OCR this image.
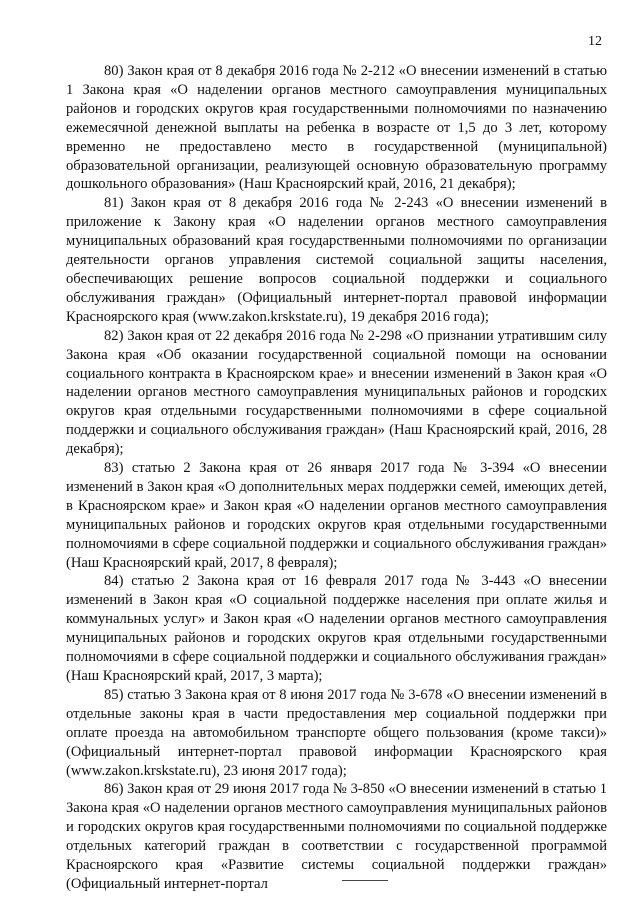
12

80) Закон края от 8 декабря 2016 года № 2-212 «О внесении изменений в статью 1 Закона края «О наделении органов местного самоуправления муниципальных районов и городских округов края государственными полномочиями по назначению ежемесячной денежной выплаты на ребенка в возрасте от 1,5 до 3 лет, которому временно не предоставлено место в государственной (муниципальной) образовательной организации, реализующей основную образовательную программу дошкольного образования» (Наш Красноярский край, 2016, 21 декабря);

81) Закон края от 8 декабря 2016 года № 2-243 «О внесении изменений в приложение к Закону края «О наделении органов местного самоуправления муниципальных образований края государственными полномочиями по организации деятельности органов управления системой социальной защиты населения, обеспечивающих решение вопросов социальной поддержки и социального обслуживания граждан» (Официальный интернет-портал правовой информации Красноярского края (www.zakon.krskstate.ru), 19 декабря 2016 года);

82) Закон края от 22 декабря 2016 года № 2-298 «О признании утратившим силу Закона края «Об оказании государственной социальной помощи на основании социального контракта в Красноярском крае» и внесении изменений в Закон края «О наделении органов местного самоуправления муниципальных районов и городских округов края отдельными государственными полномочиями в сфере социальной поддержки и социального обслуживания граждан» (Наш Красноярский край, 2016, 28 декабря);

83) статью 2 Закона края от 26 января 2017 года № 3-394 «О внесении изменений в Закон края «О дополнительных мерах поддержки семей, имеющих детей, в Красноярском крае» и Закон края «О наделении органов местного самоуправления муниципальных районов и городских округов края отдельными государственными полномочиями в сфере социальной поддержки и социального обслуживания граждан» (Наш Красноярский край, 2017, 8 февраля);

84) статью 2 Закона края от 16 февраля 2017 года № 3-443 «О внесении изменений в Закон края «О социальной поддержке населения при оплате жилья и коммунальных услуг» и Закон края «О наделении органов местного самоуправления муниципальных районов и городских округов края отдельными государственными полномочиями в сфере социальной поддержки и социального обслуживания граждан» (Наш Красноярский край, 2017, 3 марта);

85) статью 3 Закона края от 8 июня 2017 года № 3-678 «О внесении изменений в отдельные законы края в части предоставления мер социальной поддержки при оплате проезда на автомобильном транспорте общего пользования (кроме такси)» (Официальный интернет-портал правовой информации Красноярского края (www.zakon.krskstate.ru), 23 июня 2017 года);

86) Закон края от 29 июня 2017 года № 3-850 «О внесении изменений в статью 1 Закона края «О наделении органов местного самоуправления муниципальных районов и городских округов края государственными полномочиями по социальной поддержке отдельных категорий граждан в соответствии с государственной программой Красноярского края «Развитие системы социальной поддержки граждан» (Официальный интернет-портал
